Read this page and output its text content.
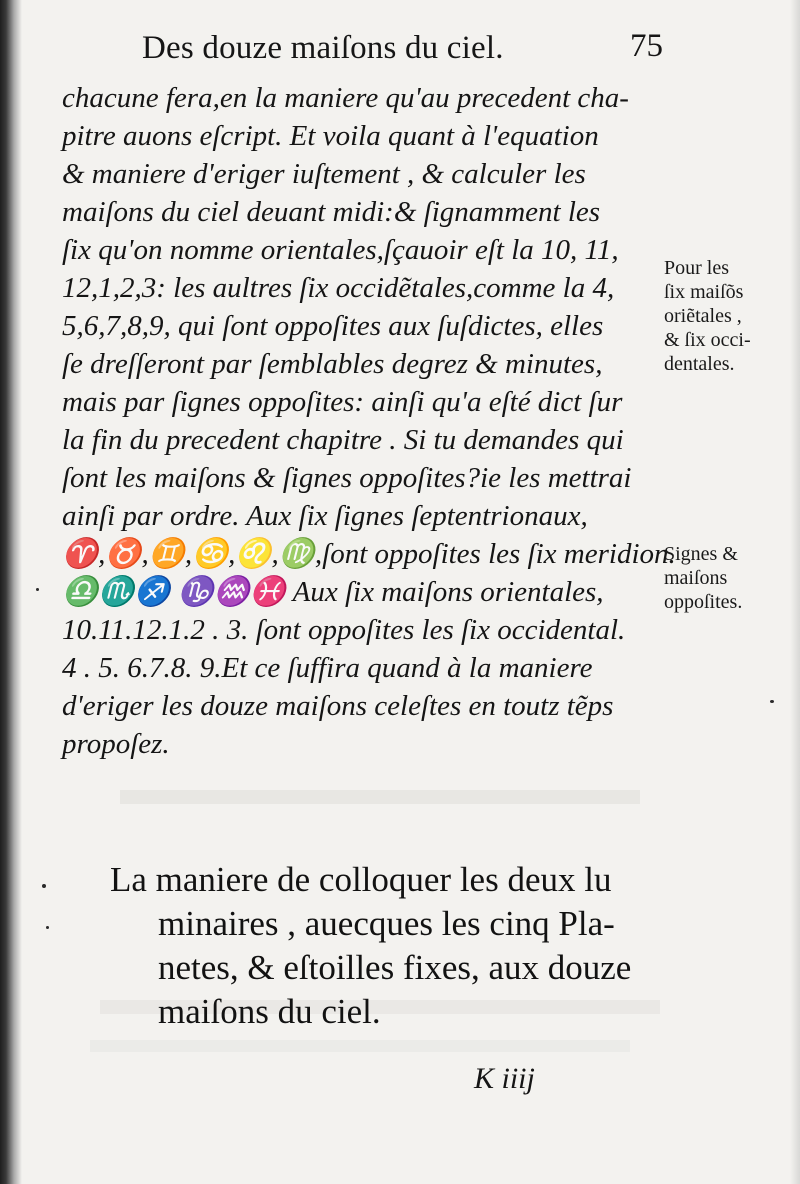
Des douze maiſons du ciel.	75
chacune fera,en la maniere qu'au precedent cha-
pitre auons eſcript. Et voila quant à l'equation
& maniere d'eriger iuſtement , & calculer les
maiſons du ciel deuant midi:& ſignamment les
ſix qu'on nomme orientales,ſçauoir eſt la 10, 11,
12,1,2,3: les aultres ſix occidẽtales,comme la 4,
5,6,7,8,9, qui ſont oppoſites aux ſuſdictes, elles
ſe dreſſeront par ſemblables degrez & minutes,
mais par ſignes oppoſites: ainſi qu'a eſté dict ſur
la fin du precedent chapitre . Si tu demandes qui
ſont les maiſons & ſignes oppoſites?ie les mettrai
ainſi par ordre. Aux ſix ſignes ſeptentrionaux,
♈,♉,♊,♋,♌,♍,ſont oppoſites les ſix meridion.
♎♏♐ ♑♒♓ Aux ſix maiſons orientales,
10.11.12.1.2 . 3. ſont oppoſites les ſix occidental.
4 . 5. 6.7.8. 9.Et ce ſuffira quand à la maniere
d'eriger les douze maiſons celeſtes en toutz tẽps
propoſez.
Pour les
ſix maiſõs
oriẽtales ,
& ſix occi-
dentales.
Signes &
maiſons
oppoſites.
La maniere de colloquer les deux lu
minaires , auecques les cinq Pla-
netes, & eſtoilles fixes, aux douze
maiſons du ciel.
K iiij
